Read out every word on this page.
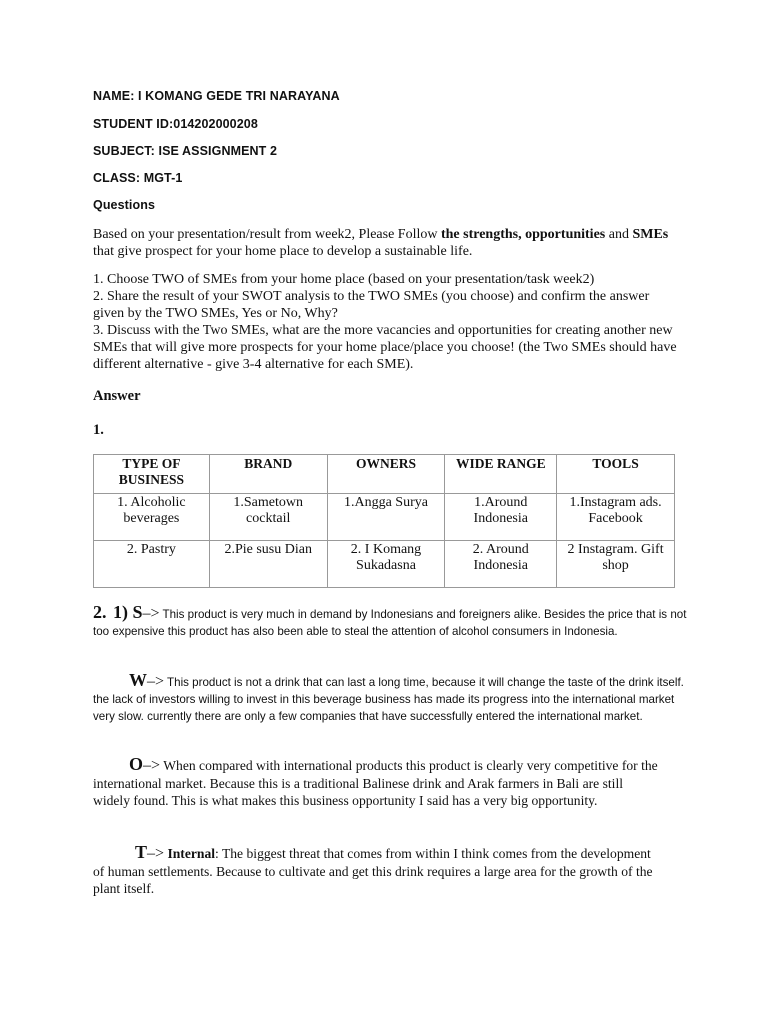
NAME: I KOMANG GEDE TRI NARAYANA
STUDENT ID:014202000208
SUBJECT: ISE ASSIGNMENT 2
CLASS: MGT-1
Questions
Based on your presentation/result from week2, Please Follow the strengths, opportunities and SMEs that give prospect for your home place to develop a sustainable life.
1. Choose TWO of SMEs from your home place (based on your presentation/task week2)
2. Share the result of your SWOT analysis to the TWO SMEs (you choose) and confirm the answer given by the TWO SMEs, Yes or No, Why?
3. Discuss with the Two SMEs, what are the more vacancies and opportunities for creating another new SMEs that will give more prospects for your home place/place you choose! (the Two SMEs should have different alternative - give 3-4 alternative for each SME).
Answer
1.
TYPE OF BUSINESS	BRAND	OWNERS	WIDE RANGE	TOOLS
1. Alcoholic beverages	1.Sametown cocktail	1.Angga Surya	1.Around Indonesia	1.Instagram ads. Facebook
2. Pastry	2.Pie susu Dian	2. I Komang Sukadasna	2. Around Indonesia	2 Instagram. Gift shop
2. 1) S–> This product is very much in demand by Indonesians and foreigners alike. Besides the price that is not too expensive this product has also been able to steal the attention of alcohol consumers in Indonesia.
W–> This product is not a drink that can last a long time, because it will change the taste of the drink itself. the lack of investors willing to invest in this beverage business has made its progress into the international market very slow. currently there are only a few companies that have successfully entered the international market.
O–> When compared with international products this product is clearly very competitive for the international market. Because this is a traditional Balinese drink and Arak farmers in Bali are still widely found. This is what makes this business opportunity I said has a very big opportunity.
T–> Internal: The biggest threat that comes from within I think comes from the development of human settlements. Because to cultivate and get this drink requires a large area for the growth of the plant itself.
